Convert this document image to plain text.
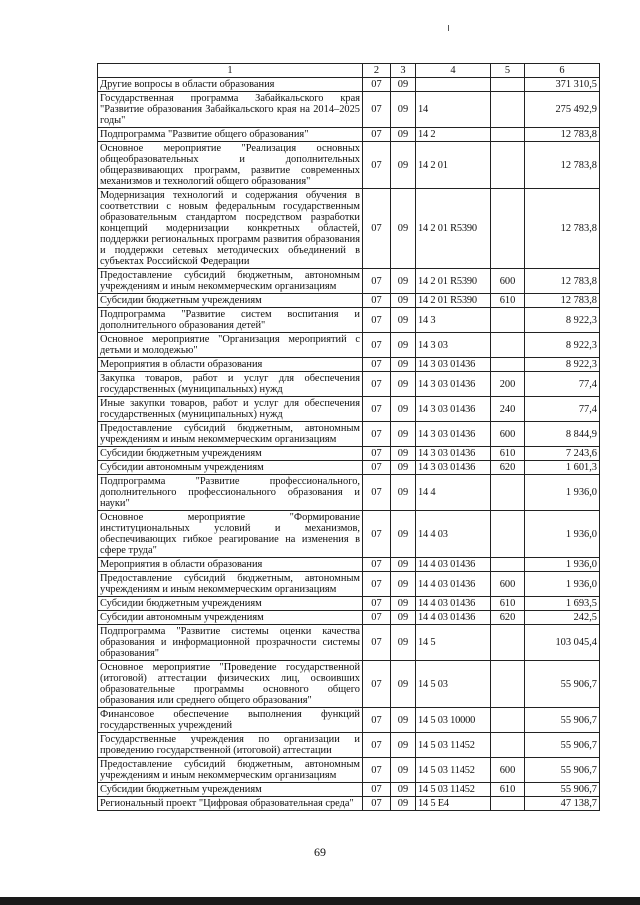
1	2	3	4	5	6
Другие вопросы в области образования	07	09			371 310,5
Государственная программа Забайкальского края "Развитие образования Забайкальского края на 2014–2025 годы"	07	09	14		275 492,9
Подпрограмма "Развитие общего образования"	07	09	14 2		12 783,8
Основное мероприятие "Реализация основных общеобразовательных и дополнительных общеразвивающих программ, развитие современных механизмов и технологий общего образования"	07	09	14 2 01		12 783,8
Модернизация технологий и содержания обучения в соответствии с новым федеральным государственным образовательным стандартом посредством разработки концепций модернизации конкретных областей, поддержки региональных программ развития образования и поддержки сетевых методических объединений в субъектах Российской Федерации	07	09	14 2 01 R5390		12 783,8
Предоставление субсидий бюджетным, автономным учреждениям и иным некоммерческим организациям	07	09	14 2 01 R5390	600	12 783,8
Субсидии бюджетным учреждениям	07	09	14 2 01 R5390	610	12 783,8
Подпрограмма "Развитие систем воспитания и дополнительного образования детей"	07	09	14 3		8 922,3
Основное мероприятие "Организация мероприятий с детьми и молодежью"	07	09	14 3 03		8 922,3
Мероприятия в области образования	07	09	14 3 03 01436		8 922,3
Закупка товаров, работ и услуг для обеспечения государственных (муниципальных) нужд	07	09	14 3 03 01436	200	77,4
Иные закупки товаров, работ и услуг для обеспечения государственных (муниципальных) нужд	07	09	14 3 03 01436	240	77,4
Предоставление субсидий бюджетным, автономным учреждениям и иным некоммерческим организациям	07	09	14 3 03 01436	600	8 844,9
Субсидии бюджетным учреждениям	07	09	14 3 03 01436	610	7 243,6
Субсидии автономным учреждениям	07	09	14 3 03 01436	620	1 601,3
Подпрограмма "Развитие профессионального, дополнительного профессионального образования и науки"	07	09	14 4		1 936,0
Основное мероприятие "Формирование институциональных условий и механизмов, обеспечивающих гибкое реагирование на изменения в сфере труда"	07	09	14 4 03		1 936,0
Мероприятия в области образования	07	09	14 4 03 01436		1 936,0
Предоставление субсидий бюджетным, автономным учреждениям и иным некоммерческим организациям	07	09	14 4 03 01436	600	1 936,0
Субсидии бюджетным учреждениям	07	09	14 4 03 01436	610	1 693,5
Субсидии автономным учреждениям	07	09	14 4 03 01436	620	242,5
Подпрограмма "Развитие системы оценки качества образования и информационной прозрачности системы образования"	07	09	14 5		103 045,4
Основное мероприятие "Проведение государственной (итоговой) аттестации физических лиц, освоивших образовательные программы основного общего образования или среднего общего образования"	07	09	14 5 03		55 906,7
Финансовое обеспечение выполнения функций государственных учреждений	07	09	14 5 03 10000		55 906,7
Государственные учреждения по организации и проведению государственной (итоговой) аттестации	07	09	14 5 03 11452		55 906,7
Предоставление субсидий бюджетным, автономным учреждениям и иным некоммерческим организациям	07	09	14 5 03 11452	600	55 906,7
Субсидии бюджетным учреждениям	07	09	14 5 03 11452	610	55 906,7
Региональный проект "Цифровая образовательная среда"	07	09	14 5 E4		47 138,7
69
